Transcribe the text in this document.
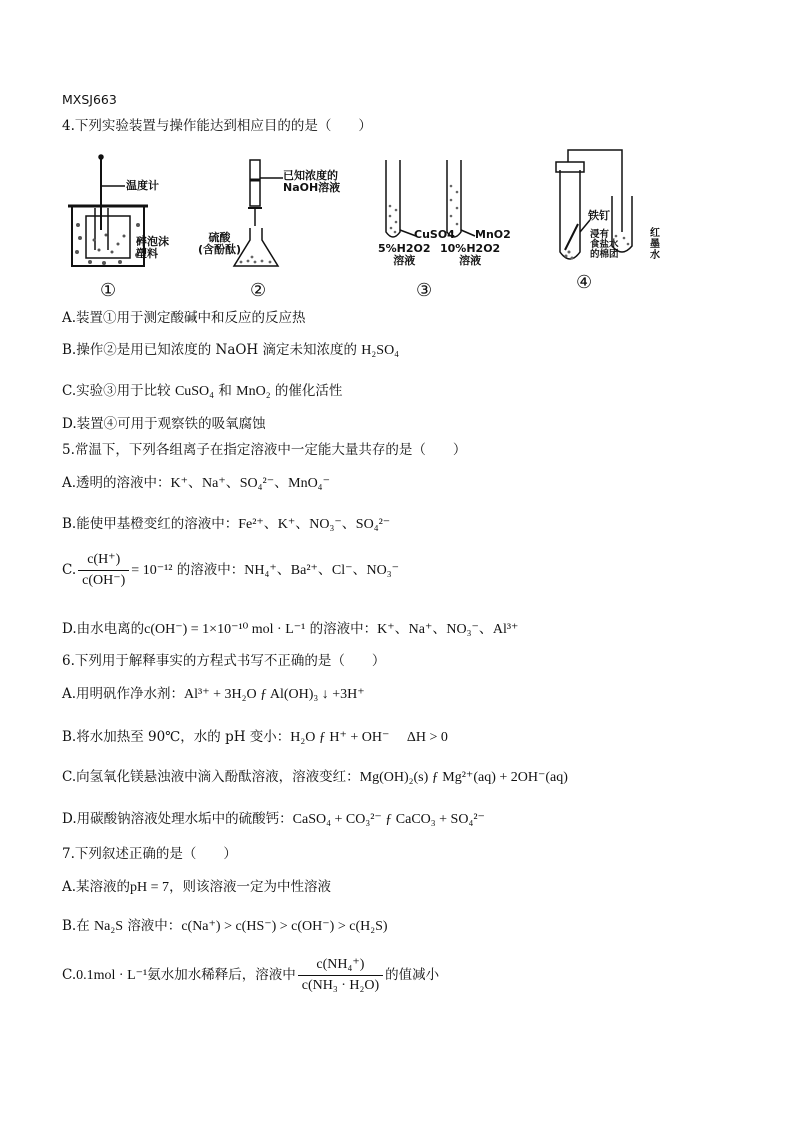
MXSJ663
4.下列实验装置与操作能达到相应目的的是（　　）
温度计
碎泡沫
塑料
已知浓度的
NaOH溶液
硫酸
(含酚酞)
CuSO4 MnO2
5%H2O2
溶液
10%H2O2
溶液
铁钉
浸有
食盐水
的棉团
红
墨
水
①	②	③	④
A.装置①用于测定酸碱中和反应的反应热
B.操作②是用已知浓度的 NaOH 滴定未知浓度的 H₂SO₄
C.实验③用于比较 CuSO₄ 和 MnO₂ 的催化活性
D.装置④可用于观察铁的吸氧腐蚀
5.常温下，下列各组离子在指定溶液中一定能大量共存的是（　　）
A.透明的溶液中：K⁺、Na⁺、SO₄²⁻、MnO₄⁻
B.能使甲基橙变红的溶液中：Fe²⁺、K⁺、NO₃⁻、SO₄²⁻
C. $\frac{c(H^+)}{c(OH^-)} = 10^{-12}$ 的溶液中：NH₄⁺、Ba²⁺、Cl⁻、NO₃⁻
D.由水电离的c(OH⁻) = 1×10⁻¹⁰ mol · L⁻¹ 的溶液中：K⁺、Na⁺、NO₃⁻、Al³⁺
6.下列用于解释事实的方程式书写不正确的是（　　）
A.用明矾作净水剂：Al³⁺ + 3H₂O ƒ Al(OH)₃ ↓ +3H⁺
B.将水加热至 90℃，水的 pH 变小：H₂O ƒ H⁺ + OH⁻　 ΔH > 0
C.向氢氧化镁悬浊液中滴入酚酞溶液，溶液变红：Mg(OH)₂(s) ƒ Mg²⁺(aq) + 2OH⁻(aq)
D.用碳酸钠溶液处理水垢中的硫酸钙：CaSO₄ + CO₃²⁻ ƒ CaCO₃ + SO₄²⁻
7.下列叙述正确的是（　　）
A.某溶液的pH = 7，则该溶液一定为中性溶液
B.在 Na₂S 溶液中：c(Na⁺) > c(HS⁻) > c(OH⁻) > c(H₂S)
C.0.1mol · L⁻¹氨水加水稀释后，溶液中 $\frac{\text{c(NH₄⁺)}}{\text{c(NH₃ · H₂O)}}$ 的值减小
